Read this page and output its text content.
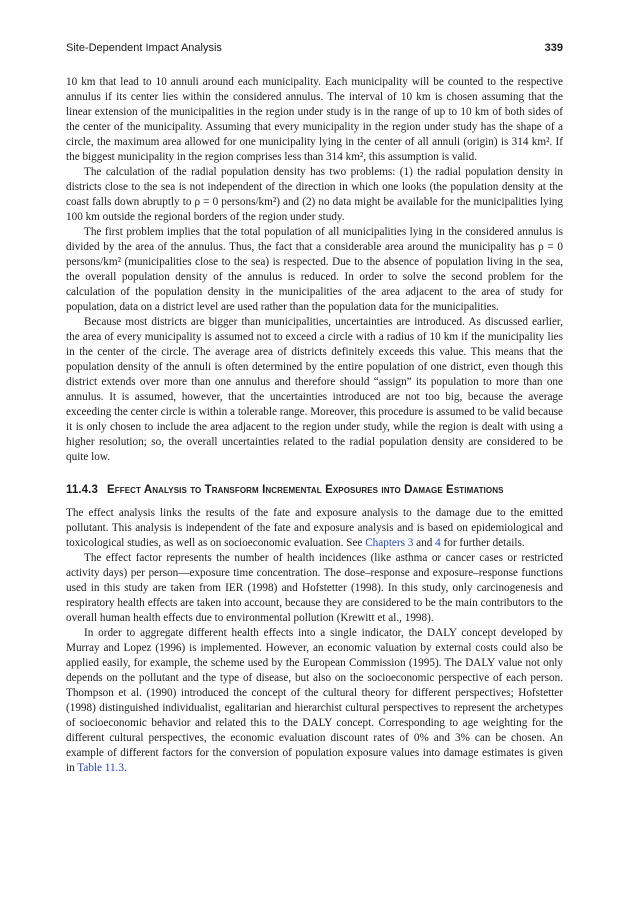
Site-Dependent Impact Analysis	339

10 km that lead to 10 annuli around each municipality. Each municipality will be counted to the respective annulus if its center lies within the considered annulus. The interval of 10 km is chosen assuming that the linear extension of the municipalities in the region under study is in the range of up to 10 km of both sides of the center of the municipality. Assuming that every municipality in the region under study has the shape of a circle, the maximum area allowed for one municipality lying in the center of all annuli (origin) is 314 km². If the biggest municipality in the region comprises less than 314 km², this assumption is valid.

The calculation of the radial population density has two problems: (1) the radial population density in districts close to the sea is not independent of the direction in which one looks (the population density at the coast falls down abruptly to ρ = 0 persons/km²) and (2) no data might be available for the municipalities lying 100 km outside the regional borders of the region under study.

The first problem implies that the total population of all municipalities lying in the considered annulus is divided by the area of the annulus. Thus, the fact that a considerable area around the municipality has ρ = 0 persons/km² (municipalities close to the sea) is respected. Due to the absence of population living in the sea, the overall population density of the annulus is reduced. In order to solve the second problem for the calculation of the population density in the municipalities of the area adjacent to the area of study for population, data on a district level are used rather than the population data for the municipalities.

Because most districts are bigger than municipalities, uncertainties are introduced. As discussed earlier, the area of every municipality is assumed not to exceed a circle with a radius of 10 km if the municipality lies in the center of the circle. The average area of districts definitely exceeds this value. This means that the population density of the annuli is often determined by the entire population of one district, even though this district extends over more than one annulus and therefore should “assign” its population to more than one annulus. It is assumed, however, that the uncertainties introduced are not too big, because the average exceeding the center circle is within a tolerable range. Moreover, this procedure is assumed to be valid because it is only chosen to include the area adjacent to the region under study, while the region is dealt with using a higher resolution; so, the overall uncertainties related to the radial population density are considered to be quite low.

11.4.3 Effect Analysis to Transform Incremental Exposures into Damage Estimations

The effect analysis links the results of the fate and exposure analysis to the damage due to the emitted pollutant. This analysis is independent of the fate and exposure analysis and is based on epidemiological and toxicological studies, as well as on socioeconomic evaluation. See Chapters 3 and 4 for further details.

The effect factor represents the number of health incidences (like asthma or cancer cases or restricted activity days) per person—exposure time concentration. The dose–response and exposure–response functions used in this study are taken from IER (1998) and Hofstetter (1998). In this study, only carcinogenesis and respiratory health effects are taken into account, because they are considered to be the main contributors to the overall human health effects due to environmental pollution (Krewitt et al., 1998).

In order to aggregate different health effects into a single indicator, the DALY concept developed by Murray and Lopez (1996) is implemented. However, an economic valuation by external costs could also be applied easily, for example, the scheme used by the European Commission (1995). The DALY value not only depends on the pollutant and the type of disease, but also on the socioeconomic perspective of each person. Thompson et al. (1990) introduced the concept of the cultural theory for different perspectives; Hofstetter (1998) distinguished individualist, egalitarian and hierarchist cultural perspectives to represent the archetypes of socioeconomic behavior and related this to the DALY concept. Corresponding to age weighting for the different cultural perspectives, the economic evaluation discount rates of 0% and 3% can be chosen. An example of different factors for the conversion of population exposure values into damage estimates is given in Table 11.3.
